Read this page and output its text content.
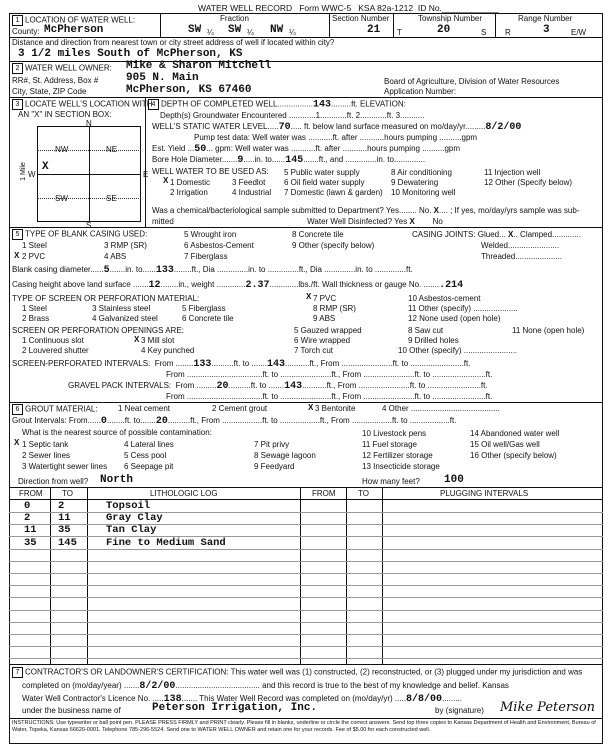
WATER WELL RECORD Form WWC-5 KSA 82a-1212 ID No.____________
1 LOCATION OF WATER WELL:
County: McPherson
Fraction
SW ¼ SW ¼ NW ¼
Section Number
21
Township Number
T	20	S
Range Number
R	3	E/W
Distance and direction from nearest town or city street address of well if located within city?
3 1/2 miles South of McPherson, KS
2 WATER WELL OWNER: Mike & Sharon Mitchell
RR#, St. Address, Box #	905 N. Main
City, State, ZIP Code	McPherson, KS 67460
Board of Agriculture, Division of Water Resources
Application Number:
3 LOCATE WELL'S LOCATION WITH
AN "X" IN SECTION BOX:
N
S
W	E
NW	NE
SW	SE
X
1 Mile
4 DEPTH OF COMPLETED WELL................143.........ft. ELEVATION:
Depth(s) Groundwater Encountered ............1............ft. 2............ft. 3...........
WELL'S STATIC WATER LEVEL.....70..... ft. below land surface measured on mo/day/yr.........8/2/00
Pump test data: Well water was ...........ft. after ...........hours pumping ..........gpm
Est. Yield ...50... gpm: Well water was ...........ft. after ...........hours pumping ..........gpm
Bore Hole Diameter.......9.....in. to......145.......ft., and ..............in. to..............
WELL WATER TO BE USED AS:
X 1 Domestic
2 Irrigation
3 Feedlot
4 Industrial
5 Public water supply
6 Oil field water supply
7 Domestic (lawn & garden)
8 Air conditioning
9 Dewatering
10 Monitoring well
11 Injection well
12 Other (Specify below)
Was a chemical/bacteriological sample submitted to Department? Yes........ No. X.... ; If yes, mo/day/yrs sample was sub-
mitted	Water Well Disinfected? Yes X No
5 TYPE OF BLANK CASING USED:
1 Steel
X 2 PVC
3 RMP (SR)
4 ABS
5 Wrought iron
6 Asbestos-Cement
7 Fiberglass
8 Concrete tile
9 Other (specify below)
CASING JOINTS: Glued... X.. Clamped.............
Welded.......................
Threaded.....................
Blank casing diameter......5.......in. to......133........ft., Dia ..............in. to ..............ft., Dia ..............in. to ..............ft.
Casing height above land surface .......12........in., weight .............2.37.............lbs./ft. Wall thickness or gauge No. ........214
TYPE OF SCREEN OR PERFORATION MATERIAL:
1 Steel
2 Brass
3 Stainless steel
4 Galvanized steel
5 Fiberglass
6 Concrete tile
X 7 PVC
8 RMP (SR)
9 ABS
10 Asbestos-cement
11 Other (specify) ....................
12 None used (open hole)
SCREEN OR PERFORATION OPENINGS ARE:
1 Continuous slot
2 Louvered shutter
X 3 Mill slot
4 Key punched
5 Gauzed wrapped
6 Wire wrapped
7 Torch cut
8 Saw cut
9 Drilled holes
10 Other (specify) ........................
11 None (open hole)
SCREEN-PERFORATED INTERVALS: From ........133..........ft. to .......143...........ft., From .......................ft. to ........................ft.
From ..................................ft. to .......................ft., From .......................ft. to ........................ft.
GRAVEL PACK INTERVALS: From .........20..........ft. to .......143...........ft., From .......................ft. to ........................ft.
From ..................................ft. to .......................ft., From .......................ft. to ........................ft.
6 GROUT MATERIAL:	1 Neat cement	2 Cement grout	X 3 Bentonite	4 Other ........................................
Grout Intervals: From......0........ft. to.......20..........ft., From ..................ft. to ..................ft., From ..................ft. to ..................ft.
What is the nearest source of possible contamination:
X 1 Septic tank
2 Sewer lines
3 Watertight sewer lines
4 Lateral lines
5 Cess pool
6 Seepage pit
7 Pit privy
8 Sewage lagoon
9 Feedyard
10 Livestock pens
11 Fuel storage
12 Fertilizer storage
13 Insecticide storage
14 Abandoned water well
15 Oil well/Gas well
16 Other (specify below)
Direction from well? North	How many feet? 100
FROM TO	LITHOLOGIC LOG	FROM	TO	PLUGGING INTERVALS
0	2	Topsoil
2	11	Gray Clay
11 35	Tan Clay
35 145	Fine to Medium Sand
7 CONTRACTOR'S OR LANDOWNER'S CERTIFICATION: This water well was (1) constructed, (2) reconstructed, or (3) plugged under my jurisdiction and was
completed on (mo/day/year) .......8/2/00...................................... and this record is true to the best of my knowledge and belief. Kansas
Water Well Contractor's Licence No. .....138....... This Water Well Record was completed on (mo/day/yr) .....8/8/00.........
under the business name of	Peterson Irrigation, Inc.	by (signature) Mike Peterson
INSTRUCTIONS: Use typewriter or ball point pen. PLEASE PRESS FIRMLY and PRINT clearly. Please fill in blanks, underline or circle the correct answers. Send top three copies to Kansas Department of Health and Environment, Bureau of Water, Topeka, Kansas 66620-0001. Telephone 785-296-5524. Send one to WATER WELL OWNER and retain one for your records. Fee of $5.00 for each constructed well.
